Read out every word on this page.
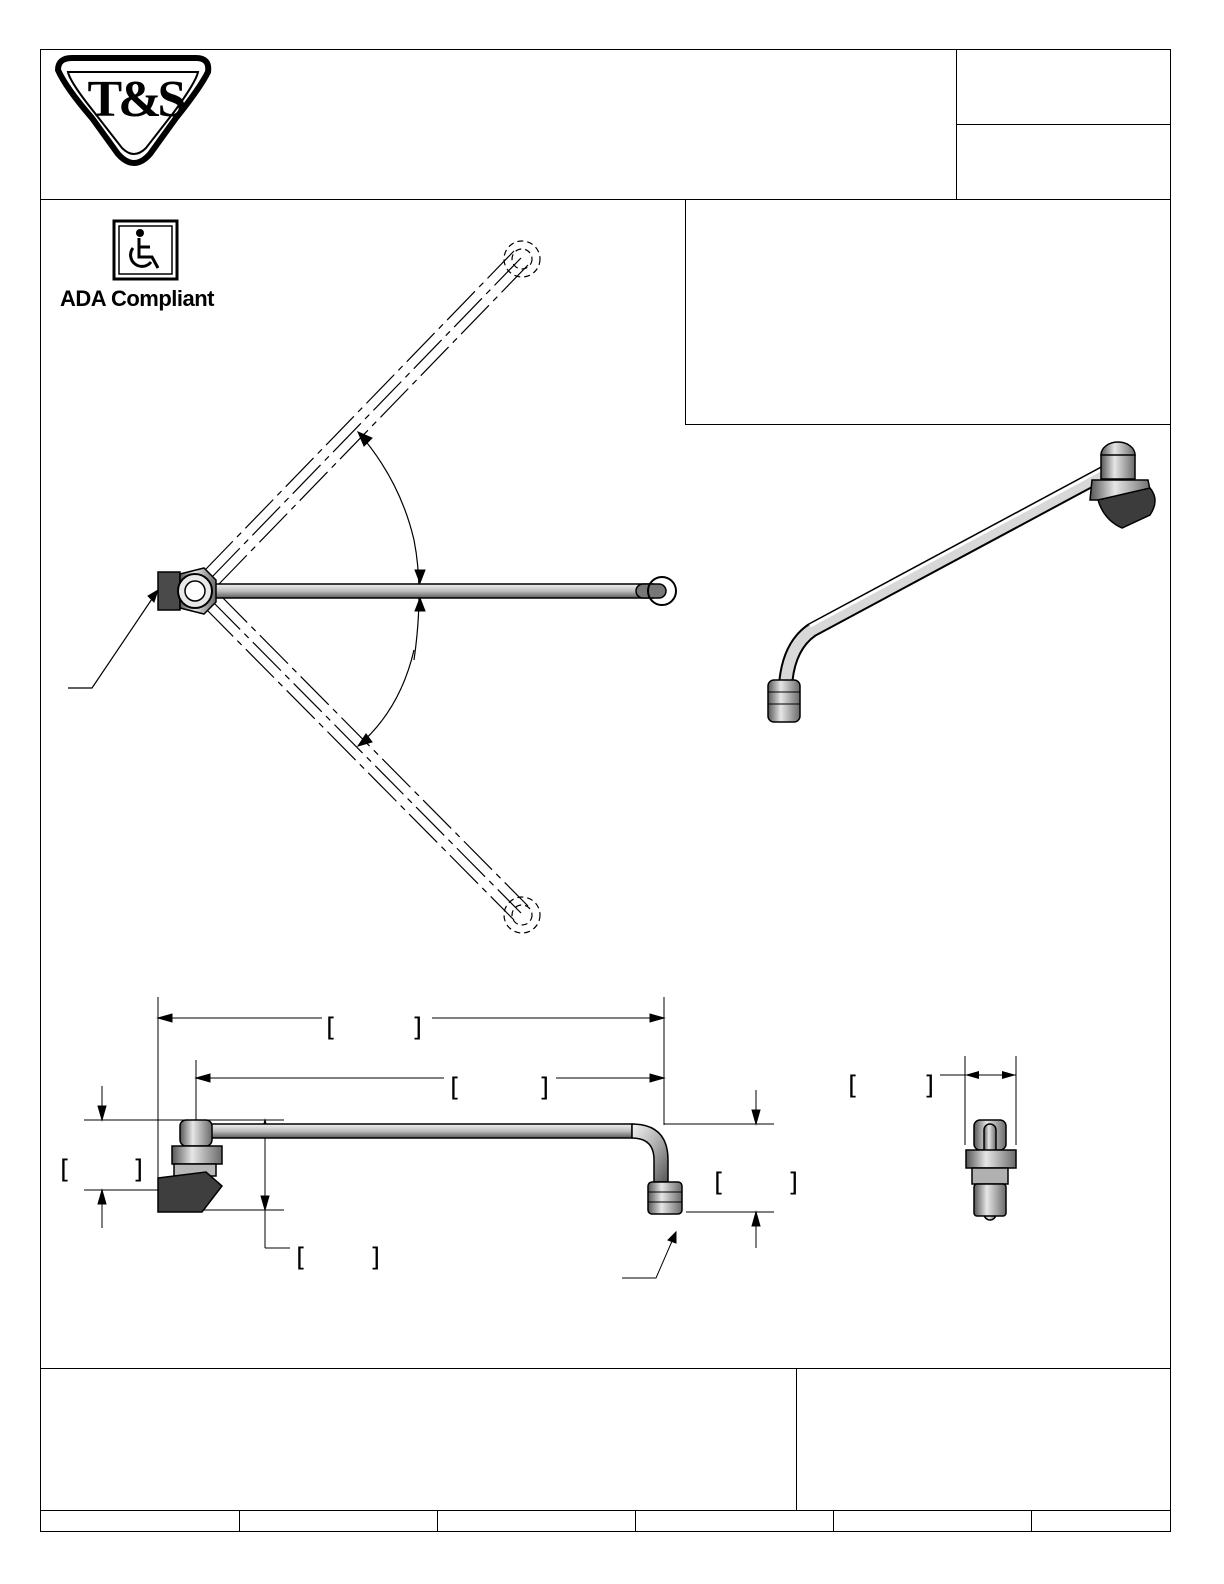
T&S
ADA Compliant
[	]
[	]
[ ]
[ ]
[ ]
[	]
